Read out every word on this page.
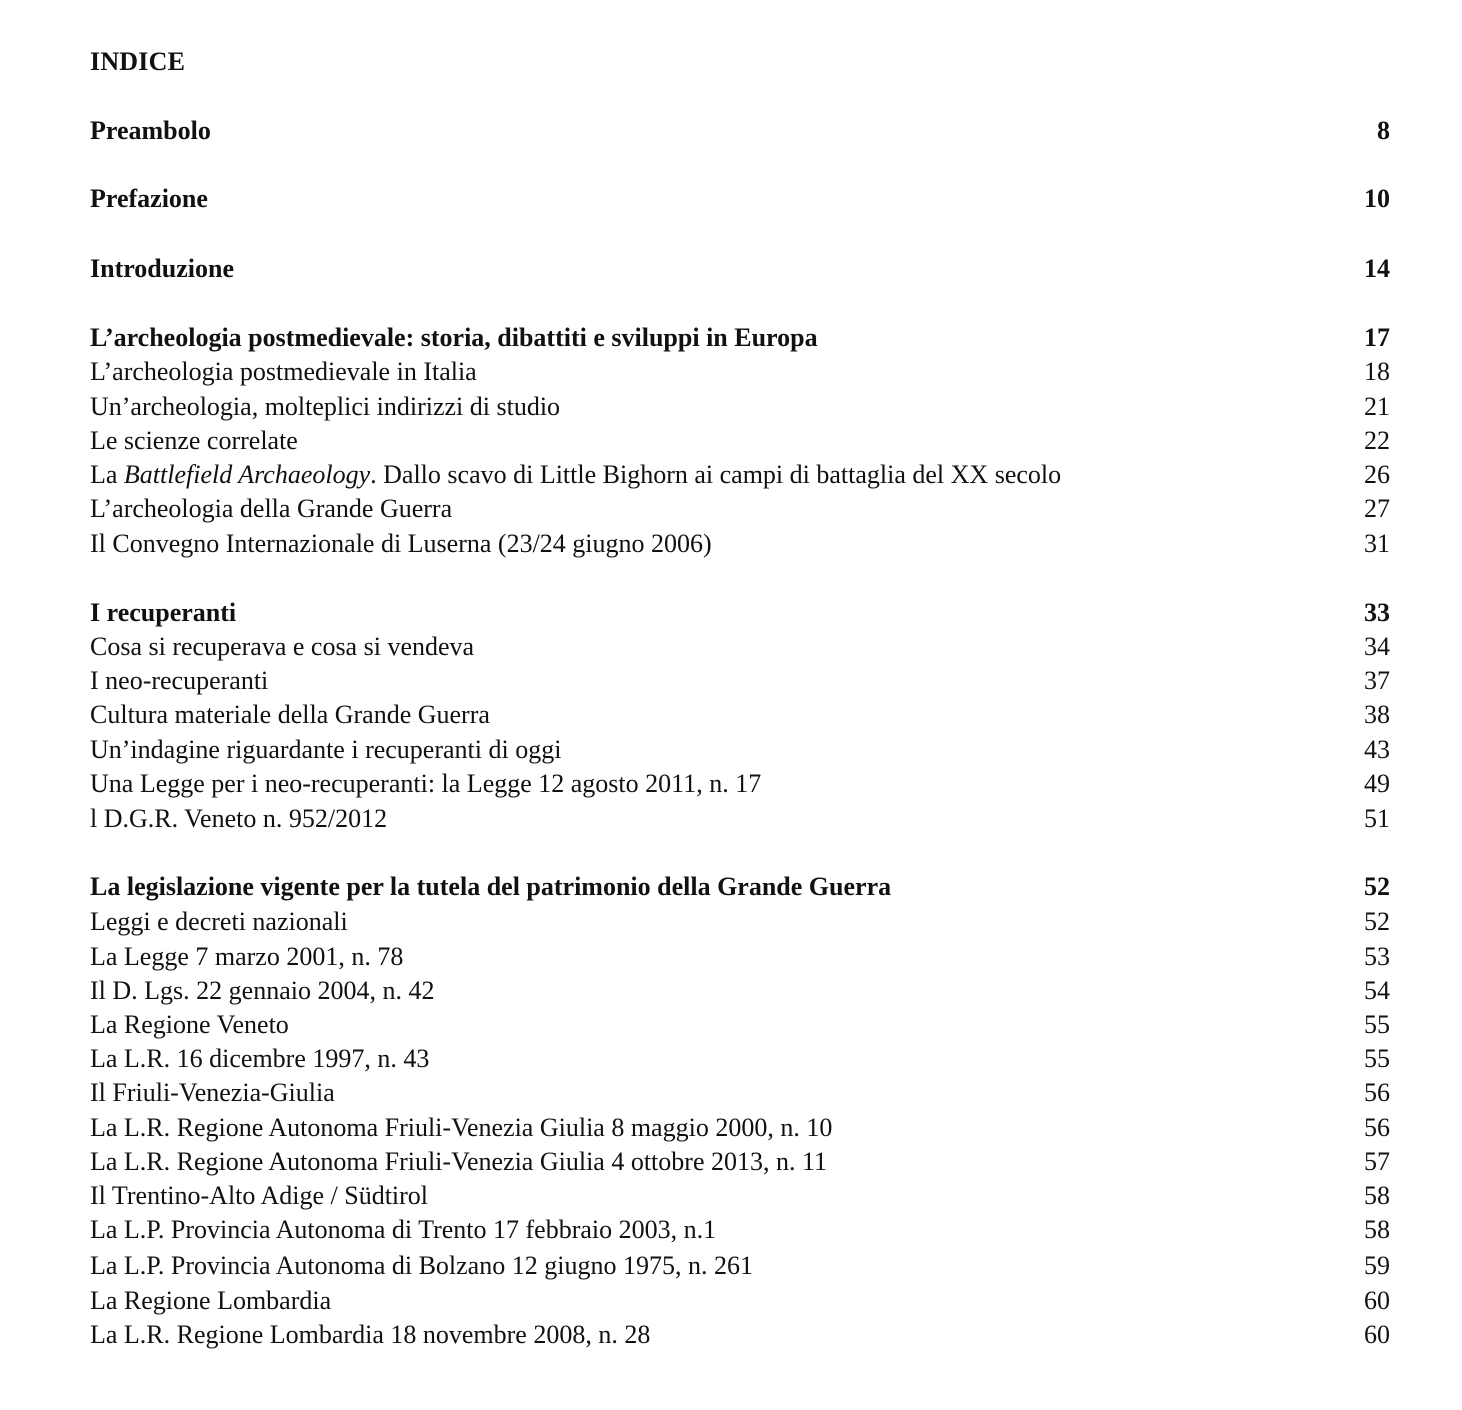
INDICE
Preambolo	8
Prefazione	10
Introduzione	14
L’archeologia postmedievale: storia, dibattiti e sviluppi in Europa	17
L’archeologia postmedievale in Italia	18
Un’archeologia, molteplici indirizzi di studio	21
Le scienze correlate	22
La Battlefield Archaeology. Dallo scavo di Little Bighorn ai campi di battaglia del XX secolo	26
L’archeologia della Grande Guerra	27
Il Convegno Internazionale di Luserna (23/24 giugno 2006)	31
I recuperanti	33
Cosa si recuperava e cosa si vendeva	34
I neo-recuperanti	37
Cultura materiale della Grande Guerra	38
Un’indagine riguardante i recuperanti di oggi	43
Una Legge per i neo-recuperanti: la Legge 12 agosto 2011, n. 17	49
l D.G.R. Veneto n. 952/2012	51
La legislazione vigente per la tutela del patrimonio della Grande Guerra	52
Leggi e decreti nazionali	52
La Legge 7 marzo 2001, n. 78	53
Il D. Lgs. 22 gennaio 2004, n. 42	54
La Regione Veneto	55
La L.R. 16 dicembre 1997, n. 43	55
Il Friuli-Venezia-Giulia	56
La L.R. Regione Autonoma Friuli-Venezia Giulia 8 maggio 2000, n. 10	56
La L.R. Regione Autonoma Friuli-Venezia Giulia 4 ottobre 2013, n. 11	57
Il Trentino-Alto Adige / Südtirol	58
La L.P. Provincia Autonoma di Trento 17 febbraio 2003, n.1	58
La L.P. Provincia Autonoma di Bolzano 12 giugno 1975, n. 261	59
La Regione Lombardia	60
La L.R. Regione Lombardia 18 novembre 2008, n. 28	60
